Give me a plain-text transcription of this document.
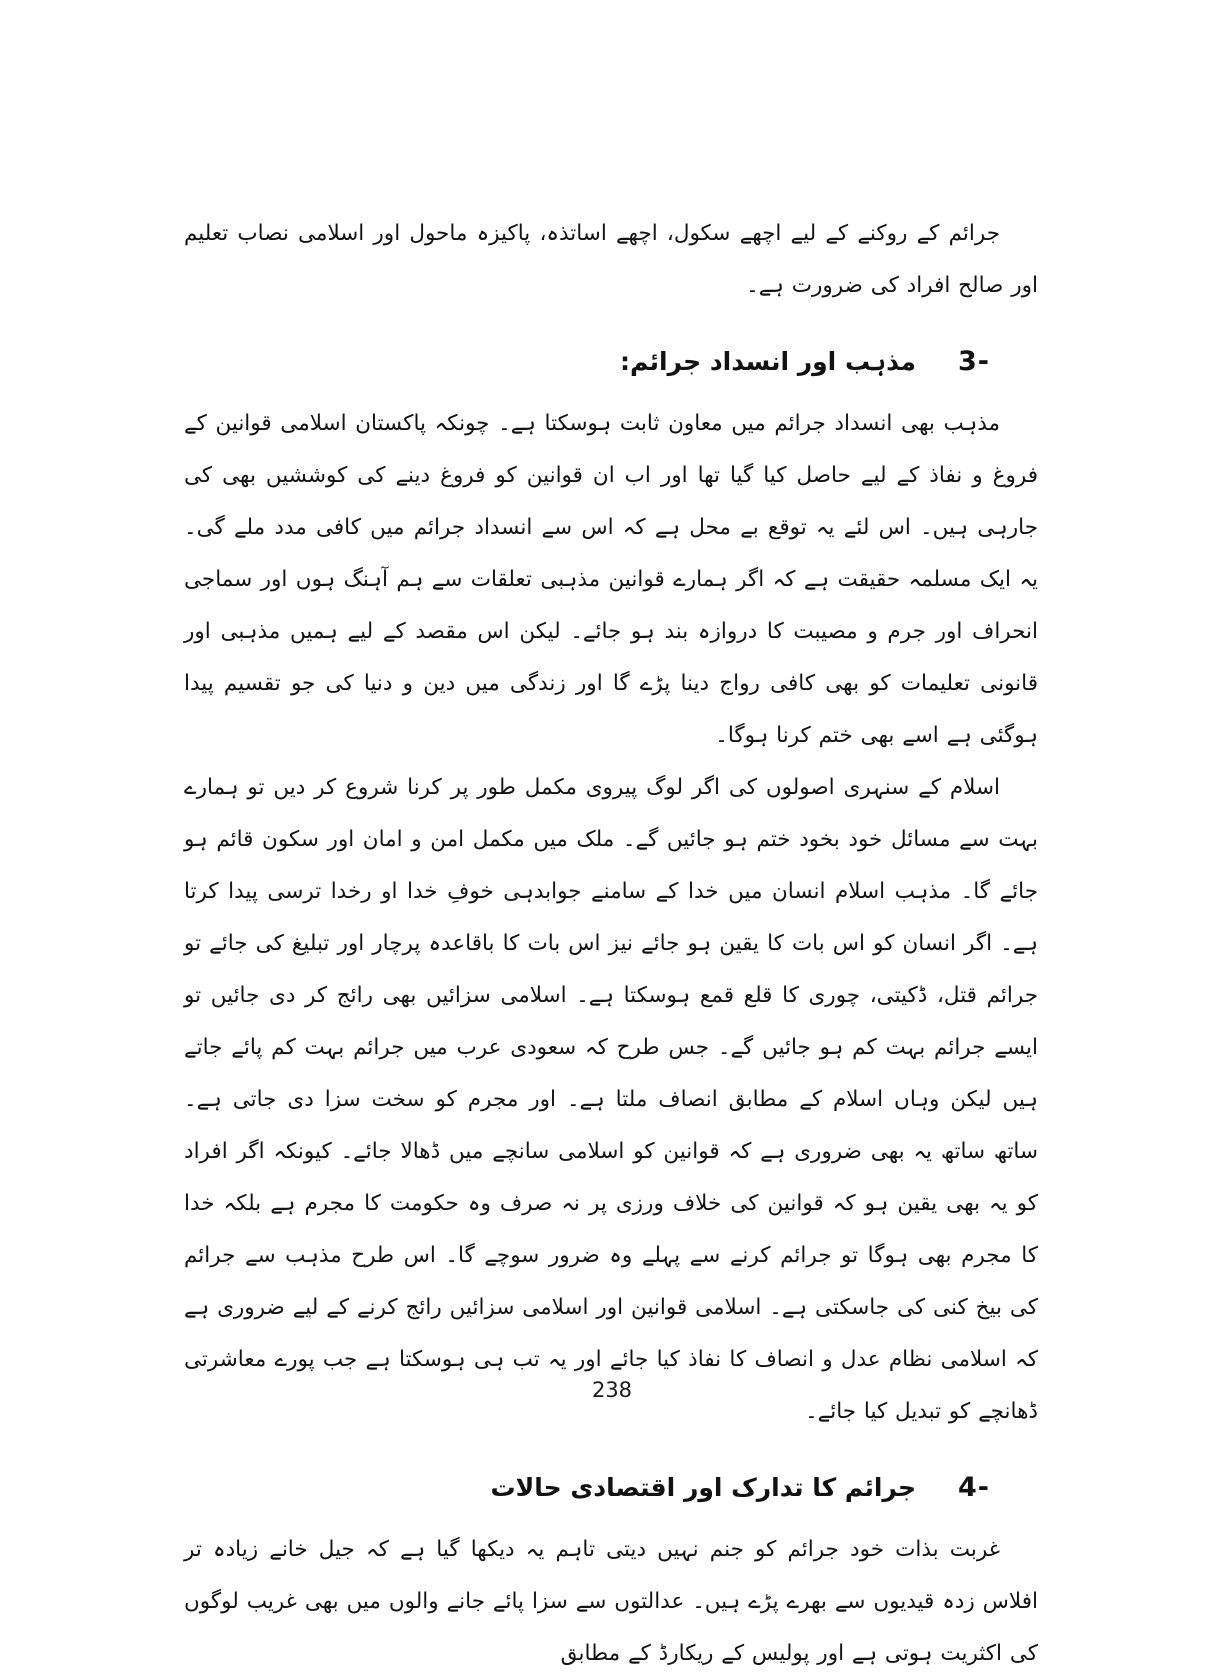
جرائم کے روکنے کے لیے اچھے سکول، اچھے اساتذہ، پاکیزہ ماحول اور اسلامی نصاب تعلیم اور صالح افراد کی ضرورت ہے۔

3-
مذہب اور انسداد جرائم:

مذہب بھی انسداد جرائم میں معاون ثابت ہوسکتا ہے۔ چونکہ پاکستان اسلامی قوانین کے فروغ و نفاذ کے لیے حاصل کیا گیا تھا اور اب ان قوانین کو فروغ دینے کی کوششیں بھی کی جارہی ہیں۔ اس لئے یہ توقع بے محل ہے کہ اس سے انسداد جرائم میں کافی مدد ملے گی۔ یہ ایک مسلمہ حقیقت ہے کہ اگر ہمارے قوانین مذہبی تعلقات سے ہم آہنگ ہوں اور سماجی انحراف اور جرم و مصیبت کا دروازہ بند ہو جائے۔ لیکن اس مقصد کے لیے ہمیں مذہبی اور قانونی تعلیمات کو بھی کافی رواج دینا پڑے گا اور زندگی میں دین و دنیا کی جو تقسیم پیدا ہوگئی ہے اسے بھی ختم کرنا ہوگا۔

اسلام کے سنہری اصولوں کی اگر لوگ پیروی مکمل طور پر کرنا شروع کر دیں تو ہمارے بہت سے مسائل خود بخود ختم ہو جائیں گے۔ ملک میں مکمل امن و امان اور سکون قائم ہو جائے گا۔ مذہب اسلام انسان میں خدا کے سامنے جوابدہی خوفِ خدا او رخدا ترسی پیدا کرتا ہے۔ اگر انسان کو اس بات کا یقین ہو جائے نیز اس بات کا باقاعدہ پرچار اور تبلیغ کی جائے تو جرائم قتل، ڈکیتی، چوری کا قلع قمع ہوسکتا ہے۔ اسلامی سزائیں بھی رائج کر دی جائیں تو ایسے جرائم بہت کم ہو جائیں گے۔ جس طرح کہ سعودی عرب میں جرائم بہت کم پائے جاتے ہیں لیکن وہاں اسلام کے مطابق انصاف ملتا ہے۔ اور مجرم کو سخت سزا دی جاتی ہے۔ ساتھ ساتھ یہ بھی ضروری ہے کہ قوانین کو اسلامی سانچے میں ڈھالا جائے۔ کیونکہ اگر افراد کو یہ بھی یقین ہو کہ قوانین کی خلاف ورزی پر نہ صرف وہ حکومت کا مجرم ہے بلکہ خدا کا مجرم بھی ہوگا تو جرائم کرنے سے پہلے وہ ضرور سوچے گا۔ اس طرح مذہب سے جرائم کی بیخ کنی کی جاسکتی ہے۔ اسلامی قوانین اور اسلامی سزائیں رائج کرنے کے لیے ضروری ہے کہ اسلامی نظام عدل و انصاف کا نفاذ کیا جائے اور یہ تب ہی ہوسکتا ہے جب پورے معاشرتی ڈھانچے کو تبدیل کیا جائے۔

4-
جرائم کا تدارک اور اقتصادی حالات

غربت بذات خود جرائم کو جنم نہیں دیتی تاہم یہ دیکھا گیا ہے کہ جیل خانے زیادہ تر افلاس زدہ قیدیوں سے بھرے پڑے ہیں۔ عدالتوں سے سزا پائے جانے والوں میں بھی غریب لوگوں کی اکثریت ہوتی ہے اور پولیس کے ریکارڈ کے مطابق

238
